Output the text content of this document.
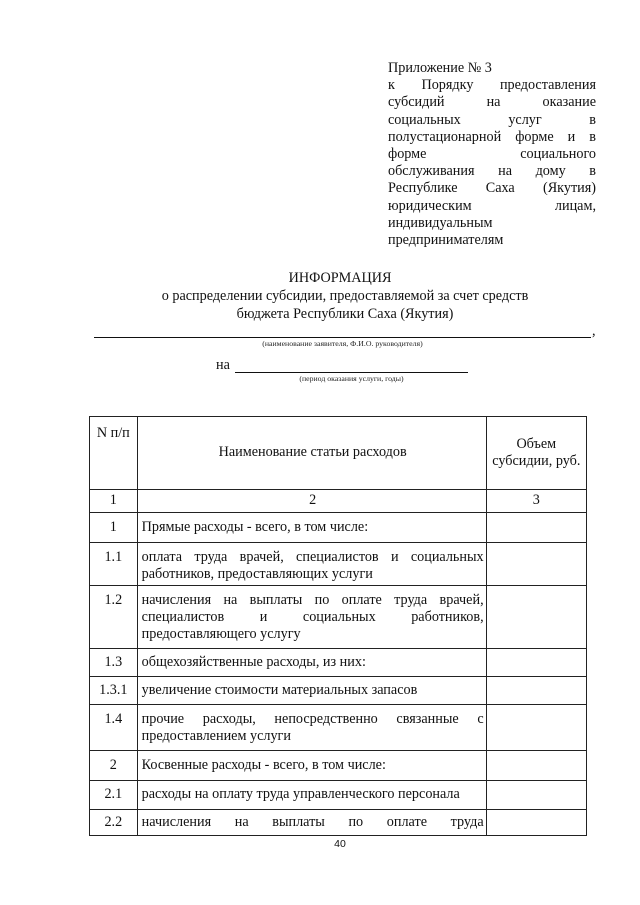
Приложение № 3
к Порядку предоставления
субсидий на оказание
социальных услуг в
полустационарной форме и в
форме социального
обслуживания на дому в
Республике Саха (Якутия)
юридическим лицам,
индивидуальным
предпринимателям
ИНФОРМАЦИЯ
о распределении субсидии, предоставляемой за счет средств
бюджета Республики Саха (Якутия)
,
(наименование заявителя, Ф.И.О. руководителя)
на
(период оказания услуги, годы)
N п/п	Наименование статьи расходов	Объем субсидии, руб.
1	2	3
1	Прямые расходы - всего, в том числе:	
1.1	оплата труда врачей, специалистов и социальных работников, предоставляющих услуги	
1.2	начисления на выплаты по оплате труда врачей, специалистов и социальных работников, предоставляющего услугу	
1.3	общехозяйственные расходы, из них:	
1.3.1	увеличение стоимости материальных запасов	
1.4	прочие расходы, непосредственно связанные с предоставлением услуги	
2	Косвенные расходы - всего, в том числе:	
2.1	расходы на оплату труда управленческого персонала	
2.2	начисления на выплаты по оплате труда	
40
